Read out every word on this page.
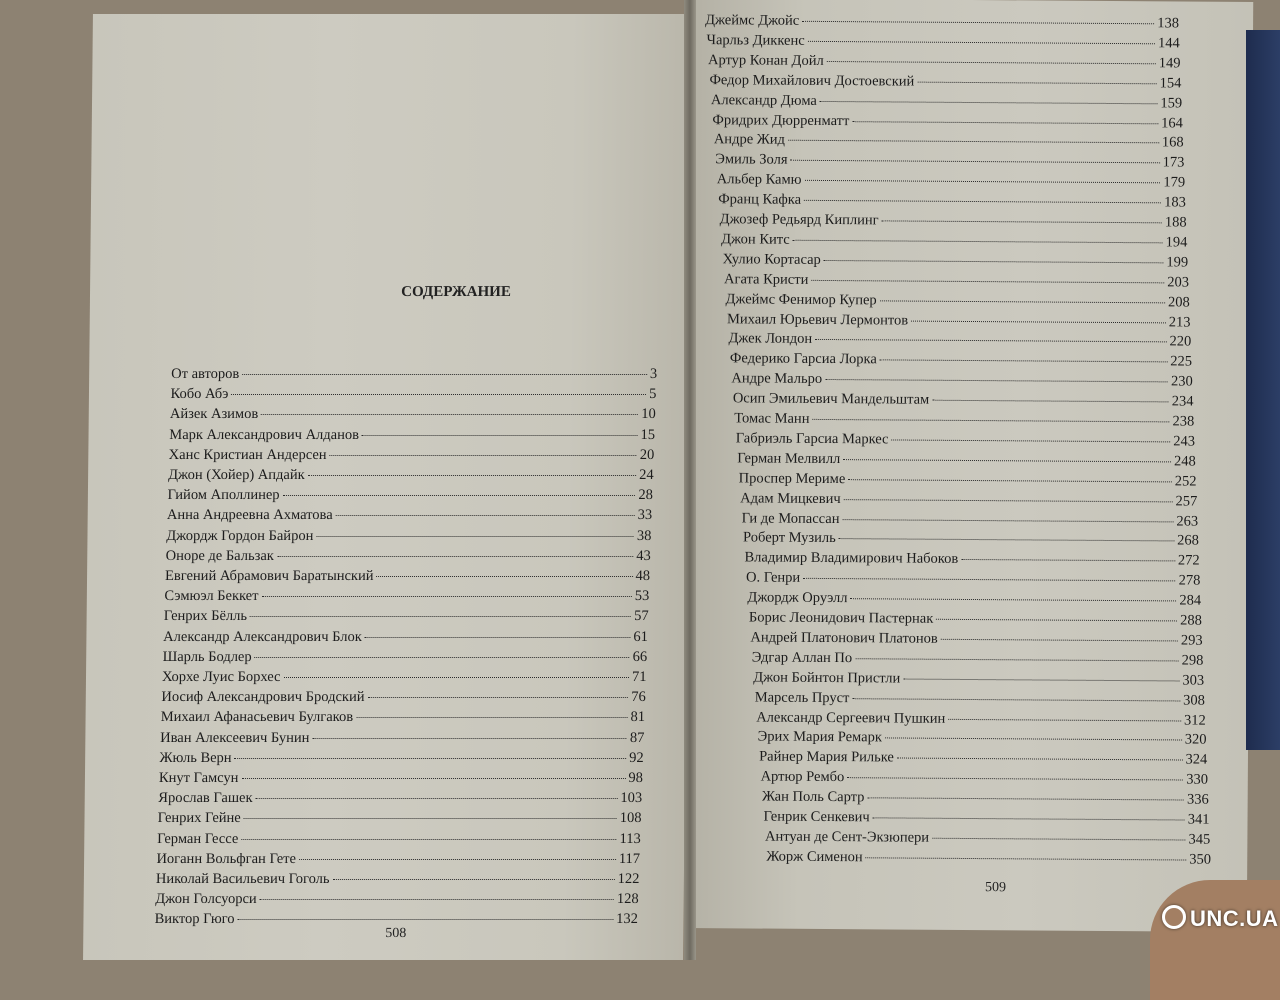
СОДЕРЖАНИЕ
От авторов	3
Кобо Абэ	5
Айзек Азимов	10
Марк Александрович Алданов	15
Ханс Кристиан Андерсен	20
Джон (Хойер) Апдайк	24
Гийом Аполлинер	28
Анна Андреевна Ахматова	33
Джордж Гордон Байрон	38
Оноре де Бальзак	43
Евгений Абрамович Баратынский	48
Сэмюэл Беккет	53
Генрих Бёлль	57
Александр Александрович Блок	61
Шарль Бодлер	66
Хорхе Луис Борхес	71
Иосиф Александрович Бродский	76
Михаил Афанасьевич Булгаков	81
Иван Алексеевич Бунин	87
Жюль Верн	92
Кнут Гамсун	98
Ярослав Гашек	103
Генрих Гейне	108
Герман Гессе	113
Иоганн Вольфган Гете	117
Николай Васильевич Гоголь	122
Джон Голсуорси	128
Виктор Гюго	132
508
Джеймс Джойс	138
Чарльз Диккенс	144
Артур Конан Дойл	149
Федор Михайлович Достоевский	154
Александр Дюма	159
Фридрих Дюрренматт	164
Андре Жид	168
Эмиль Золя	173
Альбер Камю	179
Франц Кафка	183
Джозеф Редьярд Киплинг	188
Джон Китс	194
Хулио Кортасар	199
Агата Кристи	203
Джеймс Фенимор Купер	208
Михаил Юрьевич Лермонтов	213
Джек Лондон	220
Федерико Гарсиа Лорка	225
Андре Мальро	230
Осип Эмильевич Мандельштам	234
Томас Манн	238
Габриэль Гарсиа Маркес	243
Герман Мелвилл	248
Проспер Мериме	252
Адам Мицкевич	257
Ги де Мопассан	263
Роберт Музиль	268
Владимир Владимирович Набоков	272
О. Генри	278
Джордж Оруэлл	284
Борис Леонидович Пастернак	288
Андрей Платонович Платонов	293
Эдгар Аллан По	298
Джон Бойнтон Пристли	303
Марсель Пруст	308
Александр Сергеевич Пушкин	312
Эрих Мария Ремарк	320
Райнер Мария Рильке	324
Артюр Рембо	330
Жан Поль Сартр	336
Генрик Сенкевич	341
Антуан де Сент-Экзюпери	345
Жорж Сименон	350
509
UNC.UA
